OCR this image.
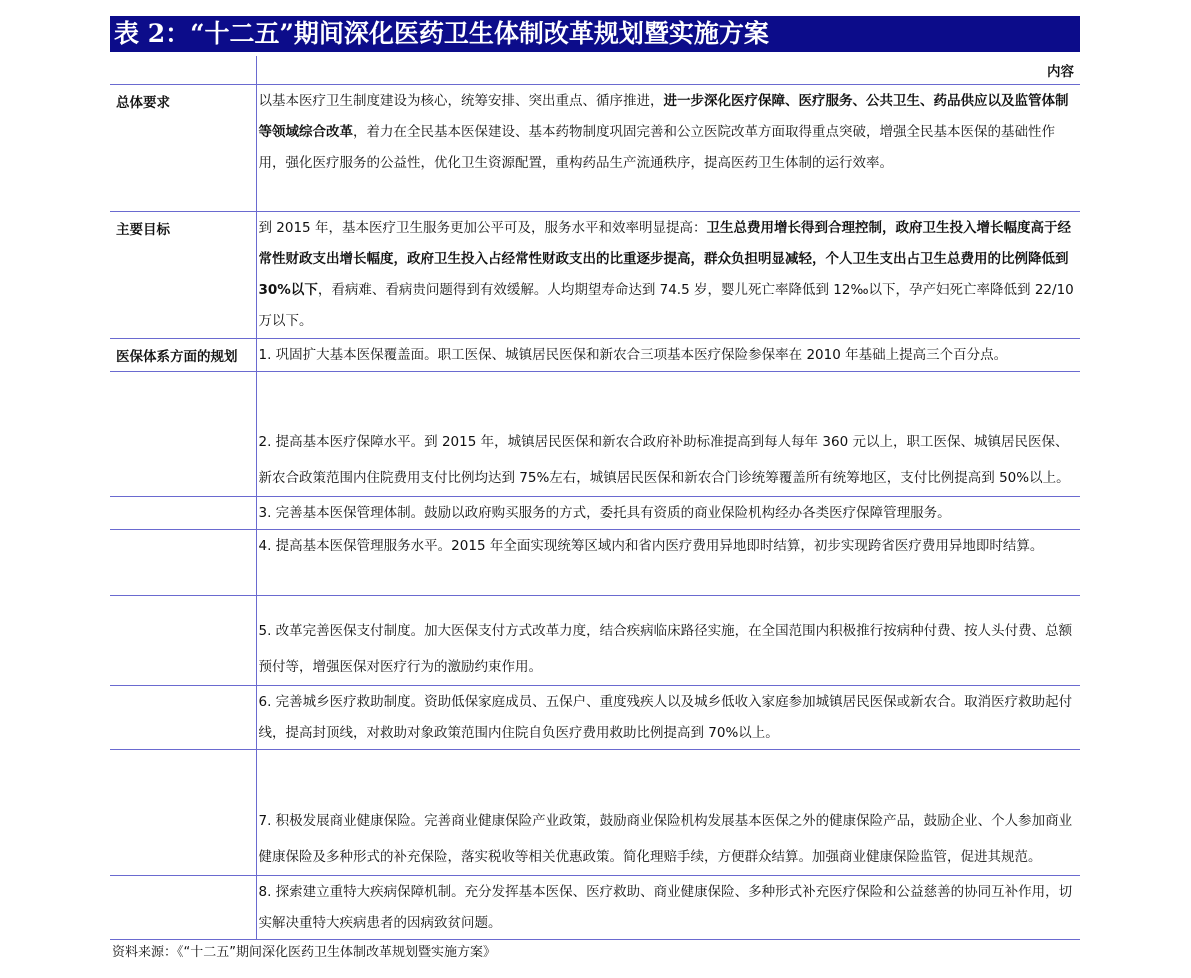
表 2：“十二五”期间深化医药卫生体制改革规划暨实施方案

	内容

总体要求	以基本医疗卫生制度建设为核心，统筹安排、突出重点、循序推进，进一步深化医疗保障、医疗服务、公共卫生、药品供应以及监管体制等领域综合改革，着力在全民基本医保建设、基本药物制度巩固完善和公立医院改革方面取得重点突破，增强全民基本医保的基础性作用，强化医疗服务的公益性，优化卫生资源配置，重构药品生产流通秩序，提高医药卫生体制的运行效率。

主要目标	到 2015 年，基本医疗卫生服务更加公平可及，服务水平和效率明显提高：卫生总费用增长得到合理控制，政府卫生投入增长幅度高于经常性财政支出增长幅度，政府卫生投入占经常性财政支出的比重逐步提高，群众负担明显减轻，个人卫生支出占卫生总费用的比例降低到 30%以下，看病难、看病贵问题得到有效缓解。人均期望寿命达到 74.5 岁，婴儿死亡率降低到 12‰以下，孕产妇死亡率降低到 22/10 万以下。

医保体系方面的规划	1. 巩固扩大基本医保覆盖面。职工医保、城镇居民医保和新农合三项基本医疗保险参保率在 2010 年基础上提高三个百分点。

	2. 提高基本医疗保障水平。到 2015 年，城镇居民医保和新农合政府补助标准提高到每人每年 360 元以上，职工医保、城镇居民医保、新农合政策范围内住院费用支付比例均达到 75%左右，城镇居民医保和新农合门诊统筹覆盖所有统筹地区，支付比例提高到 50%以上。

	3. 完善基本医保管理体制。鼓励以政府购买服务的方式，委托具有资质的商业保险机构经办各类医疗保障管理服务。

	4. 提高基本医保管理服务水平。2015 年全面实现统筹区域内和省内医疗费用异地即时结算，初步实现跨省医疗费用异地即时结算。

	5. 改革完善医保支付制度。加大医保支付方式改革力度，结合疾病临床路径实施，在全国范围内积极推行按病种付费、按人头付费、总额预付等，增强医保对医疗行为的激励约束作用。

	6. 完善城乡医疗救助制度。资助低保家庭成员、五保户、重度残疾人以及城乡低收入家庭参加城镇居民医保或新农合。取消医疗救助起付线，提高封顶线，对救助对象政策范围内住院自负医疗费用救助比例提高到 70%以上。

	7. 积极发展商业健康保险。完善商业健康保险产业政策，鼓励商业保险机构发展基本医保之外的健康保险产品，鼓励企业、个人参加商业健康保险及多种形式的补充保险，落实税收等相关优惠政策。简化理赔手续，方便群众结算。加强商业健康保险监管，促进其规范。

	8. 探索建立重特大疾病保障机制。充分发挥基本医保、医疗救助、商业健康保险、多种形式补充医疗保险和公益慈善的协同互补作用，切实解决重特大疾病患者的因病致贫问题。
资料来源：《“十二五”期间深化医药卫生体制改革规划暨实施方案》
